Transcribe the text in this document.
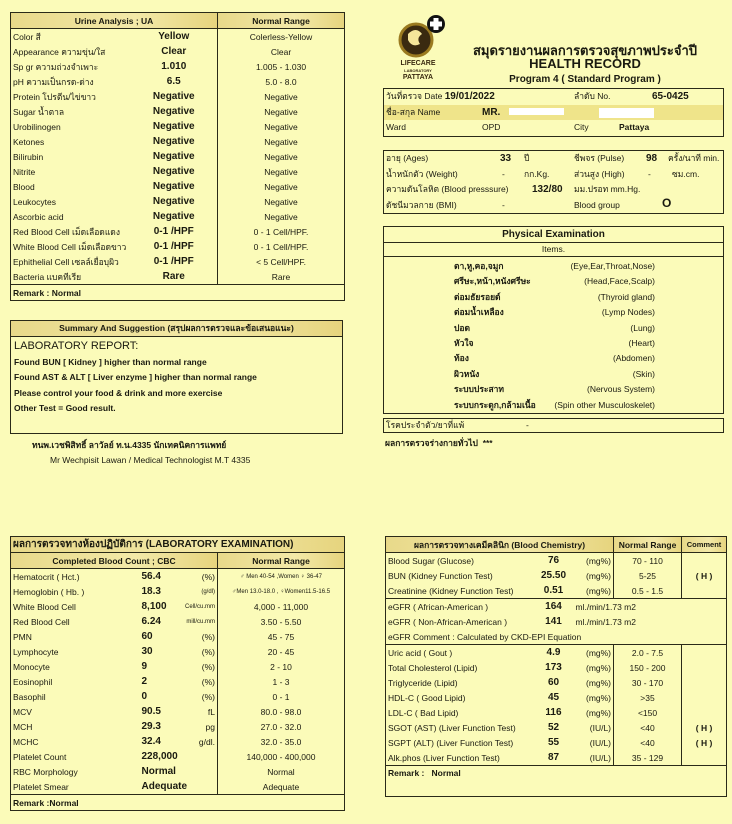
Urine Analysis ; UA		Normal Range
Color สี	Yellow	Colerless-Yellow
Appearance ความขุ่น/ใส	Clear	Clear
Sp gr ความถ่วงจำเพาะ	1.010	1.005 - 1.030
pH ความเป็นกรด-ด่าง	6.5	5.0 - 8.0
Protein โปรตีน/ไข่ขาว	Negative	Negative
Sugar น้ำตาล	Negative	Negative
Urobilinogen	Negative	Negative
Ketones	Negative	Negative
Bilirubin	Negative	Negative
Nitrite	Negative	Negative
Blood	Negative	Negative
Leukocytes	Negative	Negative
Ascorbic acid	Negative	Negative
Red Blood Cell เม็ดเลือดแดง	0-1 /HPF	0 - 1 Cell/HPF.
White Blood Cell เม็ดเลือดขาว	0-1 /HPF	0 - 1 Cell/HPF.
Ephithelial Cell เซลล์เยื่อบุผิว	0-1 /HPF	< 5 Cell/HPF.
Bacteria แบคทีเรีย	Rare	Rare
Remark : Normal		
Summary And Suggestion (สรุปผลการตรวจและข้อเสนอแนะ)
LABORATORY REPORT:
Found BUN [ Kidney ] higher than normal range
Found AST & ALT [ Liver enzyme ] higher than normal range
Please control your food & drink and more exercise
Other Test = Good result.
ทนพ.เวชพิสิทธิ์ ลาวัลย์ ท.น.4335 นักเทคนิคการแพทย์
Mr Wechpisit Lawan / Medical Technologist M.T 4335
LIFECARE
LABORATORY
PATTAYA
สมุดรายงานผลการตรวจสุขภาพประจำปี
HEALTH RECORD
Program 4 ( Standard Program )
วันที่ตรวจ Date 19/01/2022	ลำดับ No.	65-0425
ชื่อ-สกุล Name	MR.
Ward	OPD	City	Pattaya
อายุ (Ages)	33 ปี	ชีพจร (Pulse) 98 ครั้ง/นาที min.
น้ำหนักตัว (Weight)	- กก.Kg.	ส่วนสูง (High)	- ซม.cm.
ความดันโลหิต (Blood presssure) 132/80 มม.ปรอท mm.Hg.
ดัชนีมวลกาย (BMI)	-	Blood group	O
Physical Examination
Items.
ตา,หู,คอ,จมูก	(Eye,Ear,Throat,Nose)
ศรีษะ,หน้า,หนังศรีษะ	(Head,Face,Scalp)
ต่อมธัยรอยด์	(Thyroid gland)
ต่อมน้ำเหลือง	(Lymp Nodes)
ปอด	(Lung)
หัวใจ	(Heart)
ท้อง	(Abdomen)
ผิวหนัง	(Skin)
ระบบประสาท	(Nervous System)
ระบบกระดูก,กล้ามเนื้อ (Spin other Musculoskelet)
โรคประจำตัว/ยาที่แพ้	-
ผลการตรวจร่างกายทั่วไป ***
ผลการตรวจทางห้องปฏิบัติการ (LABORATORY EXAMINATION)			
Completed Blood Count ; CBC			Normal Range
Hematocrit ( Hct.)	56.4	(%)	♂ Men 40-54 ,Women ♀ 36-47
Hemoglobin ( Hb. )	18.3	(g/dl)	♂Men 13.0-18.0 , ♀Women11.5-16.5
White Blood Cell	8,100	Cell/cu.mm	4,000 - 11,000
Red Blood Cell	6.24	mill/cu.mm	3.50 - 5.50
PMN	60	(%)	45 - 75
Lymphocyte	30	(%)	20 - 45
Monocyte	9	(%)	2 - 10
Eosinophil	2	(%)	1 - 3
Basophil	0	(%)	0 - 1
MCV	90.5	fL	80.0 - 98.0
MCH	29.3	pg	27.0 - 32.0
MCHC	32.4	g/dl.	32.0 - 35.0
Platelet Count	228,000		140,000 - 400,000
RBC Morphology	Normal		Normal
Platelet Smear	Adequate		Adequate
Remark :Normal			
ผลการตรวจทางเคมีคลินิก (Blood Chemistry)			Normal Range	Comment
Blood Sugar (Glucose)	76	(mg%)	70 - 110	
BUN (Kidney Function Test)	25.50	(mg%)	5-25	( H )
Creatinine (Kidney Function Test)	0.51	(mg%)	0.5 - 1.5	
eGFR ( African-American )	164	ml./min/1.73 m2		
eGFR ( Non-African-American )	141	ml./min/1.73 m2		
eGFR Comment : Calculated by CKD-EPI Equation				
Uric acid ( Gout )	4.9	(mg%)	2.0 - 7.5	
Total Cholesterol (Lipid)	173	(mg%)	150 - 200	
Triglyceride (Lipid)	60	(mg%)	30 - 170	
HDL-C ( Good Lipid)	45	(mg%)	>35	
LDL-C ( Bad Lipid)	116	(mg%)	<150	
SGOT (AST) (Liver Function Test)	52	(IU/L)	<40	( H )
SGPT (ALT) (Liver Function Test)	55	(IU/L)	<40	( H )
Alk.phos (Liver Function Test)	87	(IU/L)	35 - 129	
Remark : Normal				
